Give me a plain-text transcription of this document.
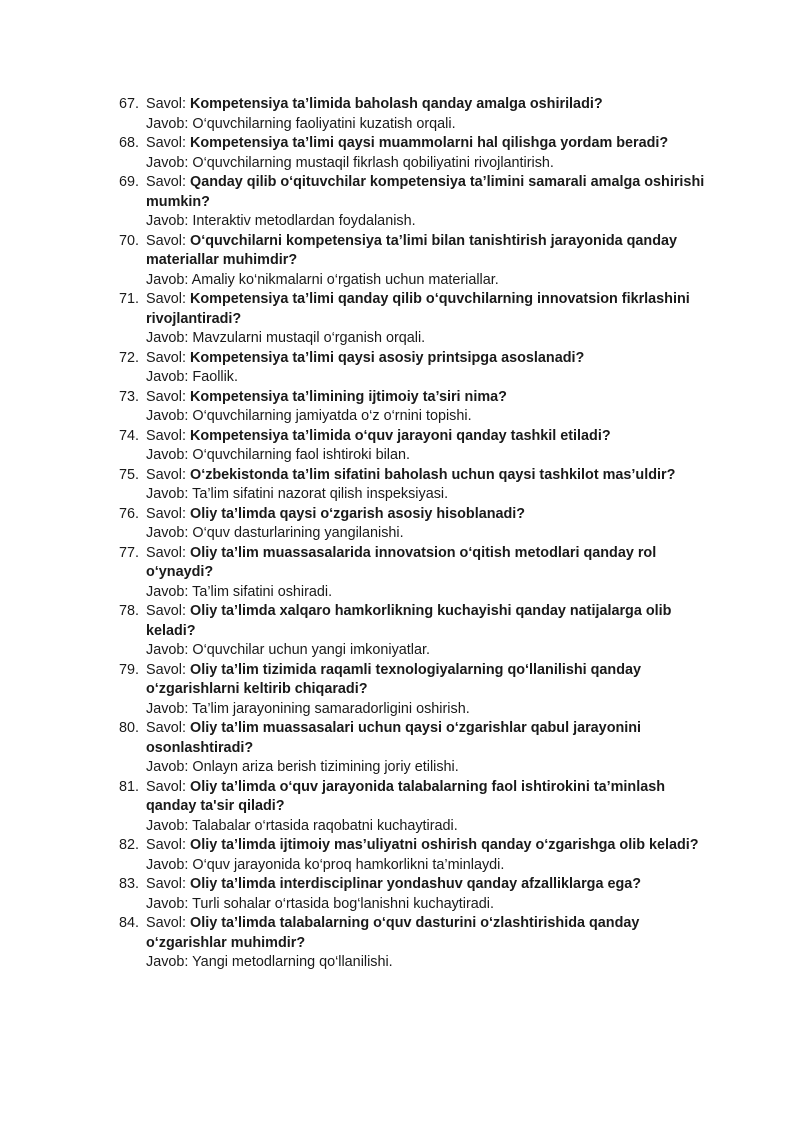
67. Savol: Kompetensiya ta’limida baholash qanday amalga oshiriladi?
Javob: O‘quvchilarning faoliyatini kuzatish orqali.
68. Savol: Kompetensiya ta’limi qaysi muammolarni hal qilishga yordam beradi?
Javob: O‘quvchilarning mustaqil fikrlash qobiliyatini rivojlantirish.
69. Savol: Qanday qilib o‘qituvchilar kompetensiya ta’limini samarali amalga oshirishi mumkin?
Javob: Interaktiv metodlardan foydalanish.
70. Savol: O‘quvchilarni kompetensiya ta’limi bilan tanishtirish jarayonida qanday materiallar muhimdir?
Javob: Amaliy ko‘nikmalarni o‘rgatish uchun materiallar.
71. Savol: Kompetensiya ta’limi qanday qilib o‘quvchilarning innovatsion fikrlashini rivojlantiradi?
Javob: Mavzularni mustaqil o‘rganish orqali.
72. Savol: Kompetensiya ta’limi qaysi asosiy printsipga asoslanadi?
Javob: Faollik.
73. Savol: Kompetensiya ta’limining ijtimoiy ta’siri nima?
Javob: O‘quvchilarning jamiyatda o‘z o‘rnini topishi.
74. Savol: Kompetensiya ta’limida o‘quv jarayoni qanday tashkil etiladi?
Javob: O‘quvchilarning faol ishtiroki bilan.
75. Savol: O‘zbekistonda ta’lim sifatini baholash uchun qaysi tashkilot mas’uldir?
Javob: Ta’lim sifatini nazorat qilish inspeksiyasi.
76. Savol: Oliy ta’limda qaysi o‘zgarish asosiy hisoblanadi?
Javob: O‘quv dasturlarining yangilanishi.
77. Savol: Oliy ta’lim muassasalarida innovatsion o‘qitish metodlari qanday rol o‘ynaydi?
Javob: Ta’lim sifatini oshiradi.
78. Savol: Oliy ta’limda xalqaro hamkorlikning kuchayishi qanday natijalarga olib keladi?
Javob: O‘quvchilar uchun yangi imkoniyatlar.
79. Savol: Oliy ta’lim tizimida raqamli texnologiyalarning qo‘llanilishi qanday o‘zgarishlarni keltirib chiqaradi?
Javob: Ta’lim jarayonining samaradorligini oshirish.
80. Savol: Oliy ta’lim muassasalari uchun qaysi o‘zgarishlar qabul jarayonini osonlashtiradi?
Javob: Onlayn ariza berish tizimining joriy etilishi.
81. Savol: Oliy ta’limda o‘quv jarayonida talabalarning faol ishtirokini ta’minlash qanday ta'sir qiladi?
Javob: Talabalar o‘rtasida raqobatni kuchaytiradi.
82. Savol: Oliy ta’limda ijtimoiy mas’uliyatni oshirish qanday o‘zgarishga olib keladi?
Javob: O‘quv jarayonida ko‘proq hamkorlikni ta’minlaydi.
83. Savol: Oliy ta’limda interdisciplinar yondashuv qanday afzalliklarga ega?
Javob: Turli sohalar o‘rtasida bog‘lanishni kuchaytiradi.
84. Savol: Oliy ta’limda talabalarning o‘quv dasturini o‘zlashtirishida qanday o‘zgarishlar muhimdir?
Javob: Yangi metodlarning qo‘llanilishi.
